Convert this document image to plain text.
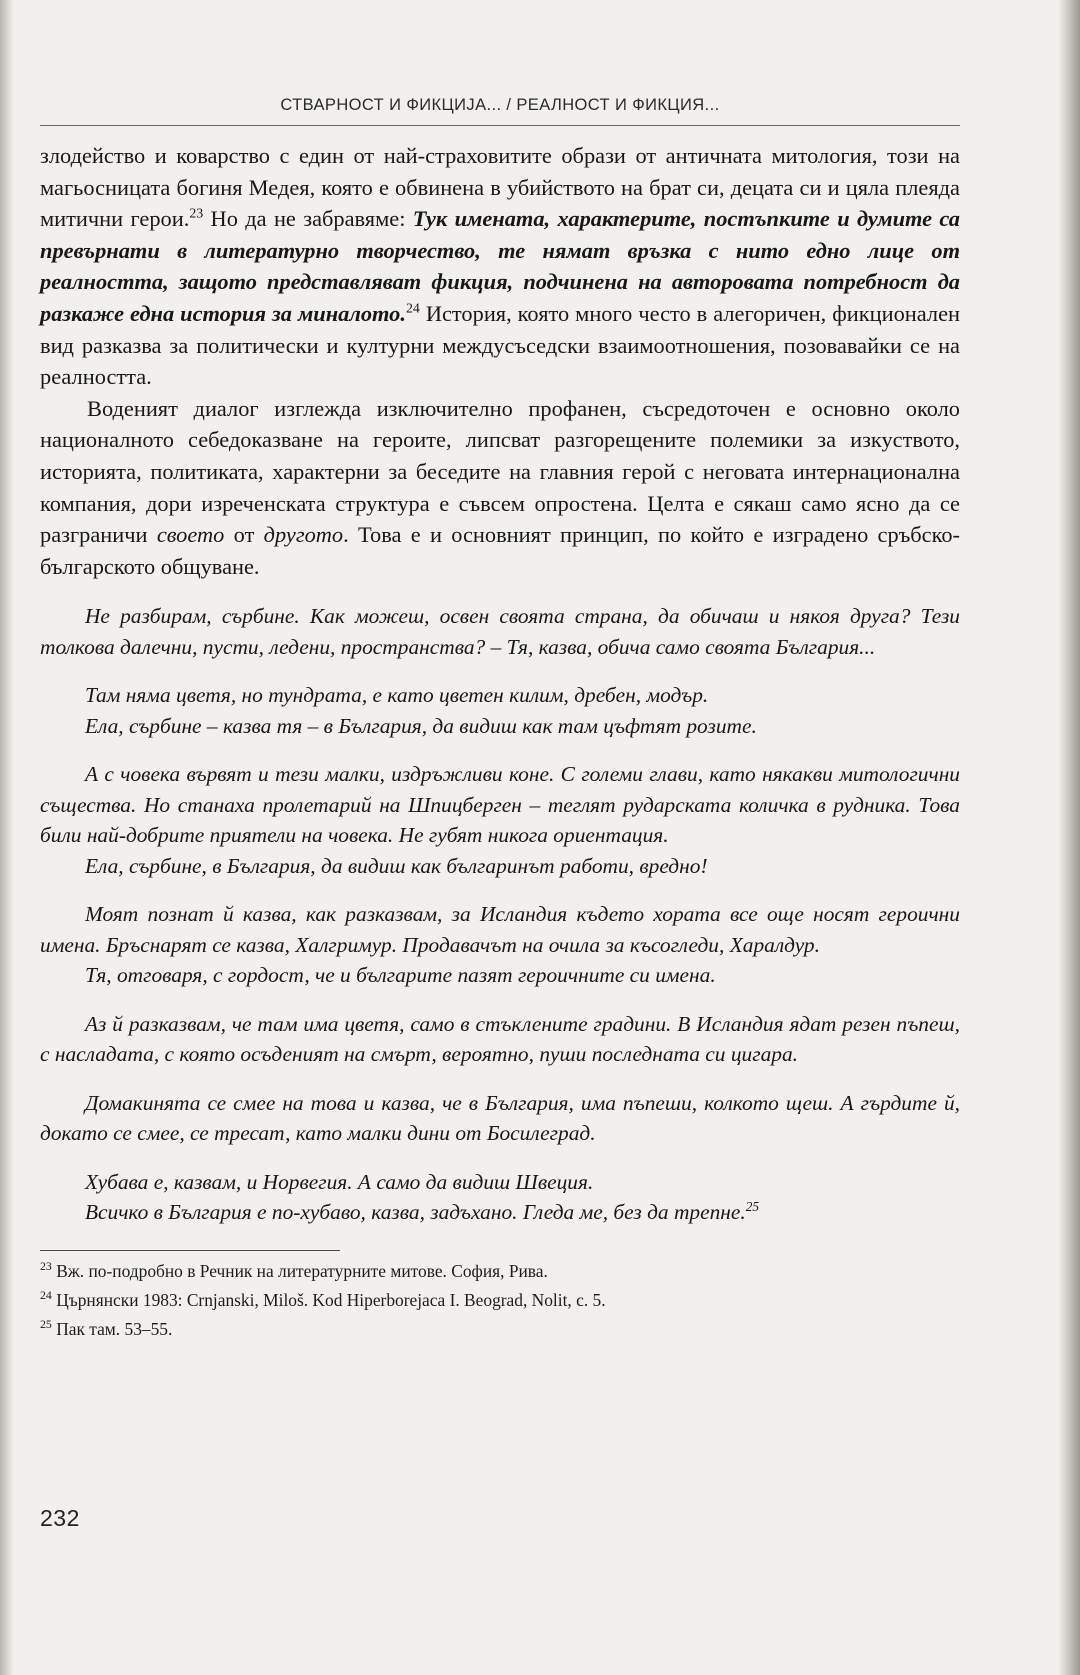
СТВАРНОСТ И ФИКЦИЈА... / РЕАЛНОСТ И ФИКЦИЯ...

злодейство и коварство с един от най-страховитите образи от античната митология, този на магьосницата богиня Медея, която е обвинена в убийството на брат си, децата си и цяла плеяда митични герои.$^{23}$ Но да не забравяме: Тук имената, характерите, постъпките и думите са превърнати в литературно творчество, те нямат връзка с нито едно лице от реалността, защото представляват фикция, подчинена на авторовата потребност да разкаже една история за миналото.$^{24}$ История, която много често в алегоричен, фикционален вид разказва за политически и културни междусъседски взаимоотношения, позовавайки се на реалността.

Водeният диалог изглежда изключително профанен, съсредоточен е основно около националното себедоказване на героите, липсват разгорещените полемики за изкуството, историята, политиката, характерни за беседите на главния герой с неговата интернационална компания, дори изреченската структура е съвсем опростена. Целта е сякаш само ясно да се разграничи своето от другото. Това е и основният принцип, по който е изградено сръбско-българското общуване.

Не разбирам, сърбине. Как можеш, освен своята страна, да обичаш и някоя друга? Тези толкова далечни, пусти, ледени, пространства? – Тя, казва, обича само своята България...

Там няма цветя, но тундрата, е като цветен килим, дребен, модър.

Ела, сърбине – казва тя – в България, да видиш как там цъфтят розите.

А с човека вървят и тези малки, издръжливи коне. С големи глави, като някакви митологични същества. Но станаха пролетарий на Шпицберген – теглят рударската количка в рудника. Това били най-добрите приятели на човека. Не губят никога ориентация.

Ела, сърбине, в България, да видиш как българинът работи, вредно!

Моят познат й казва, как разказвам, за Исландия където хората все още носят героични имена. Бръснарят се казва, Халгримур. Продавачът на очила за късогледи, Харалдур.

Тя, отговаря, с гордост, че и българите пазят героичните си имена.

Аз й разказвам, че там има цветя, само в стъклените градини. В Исландия ядат резен пъпеш, с насладата, с която осъденият на смърт, вероятно, пуши последната си цигара.

Домакинята се смее на това и казва, че в България, има пъпеши, колкото щеш. А гърдите й, докато се смее, се тресат, като малки дини от Босилеград.

Хубава е, казвам, и Норвегия. А само да видиш Швеция.

Всичко в България е по-хубаво, казва, задъхано. Гледа ме, без да трепне.$^{25}$

$^{23}$ Вж. по-подробно в Речник на литературните митове. София, Рива.

$^{24}$ Църнянски 1983: Crnjanski, Miloš. Kod Hiperborejaca I. Beograd, Nolit, с. 5.

$^{25}$ Пак там. 53–55.

232
